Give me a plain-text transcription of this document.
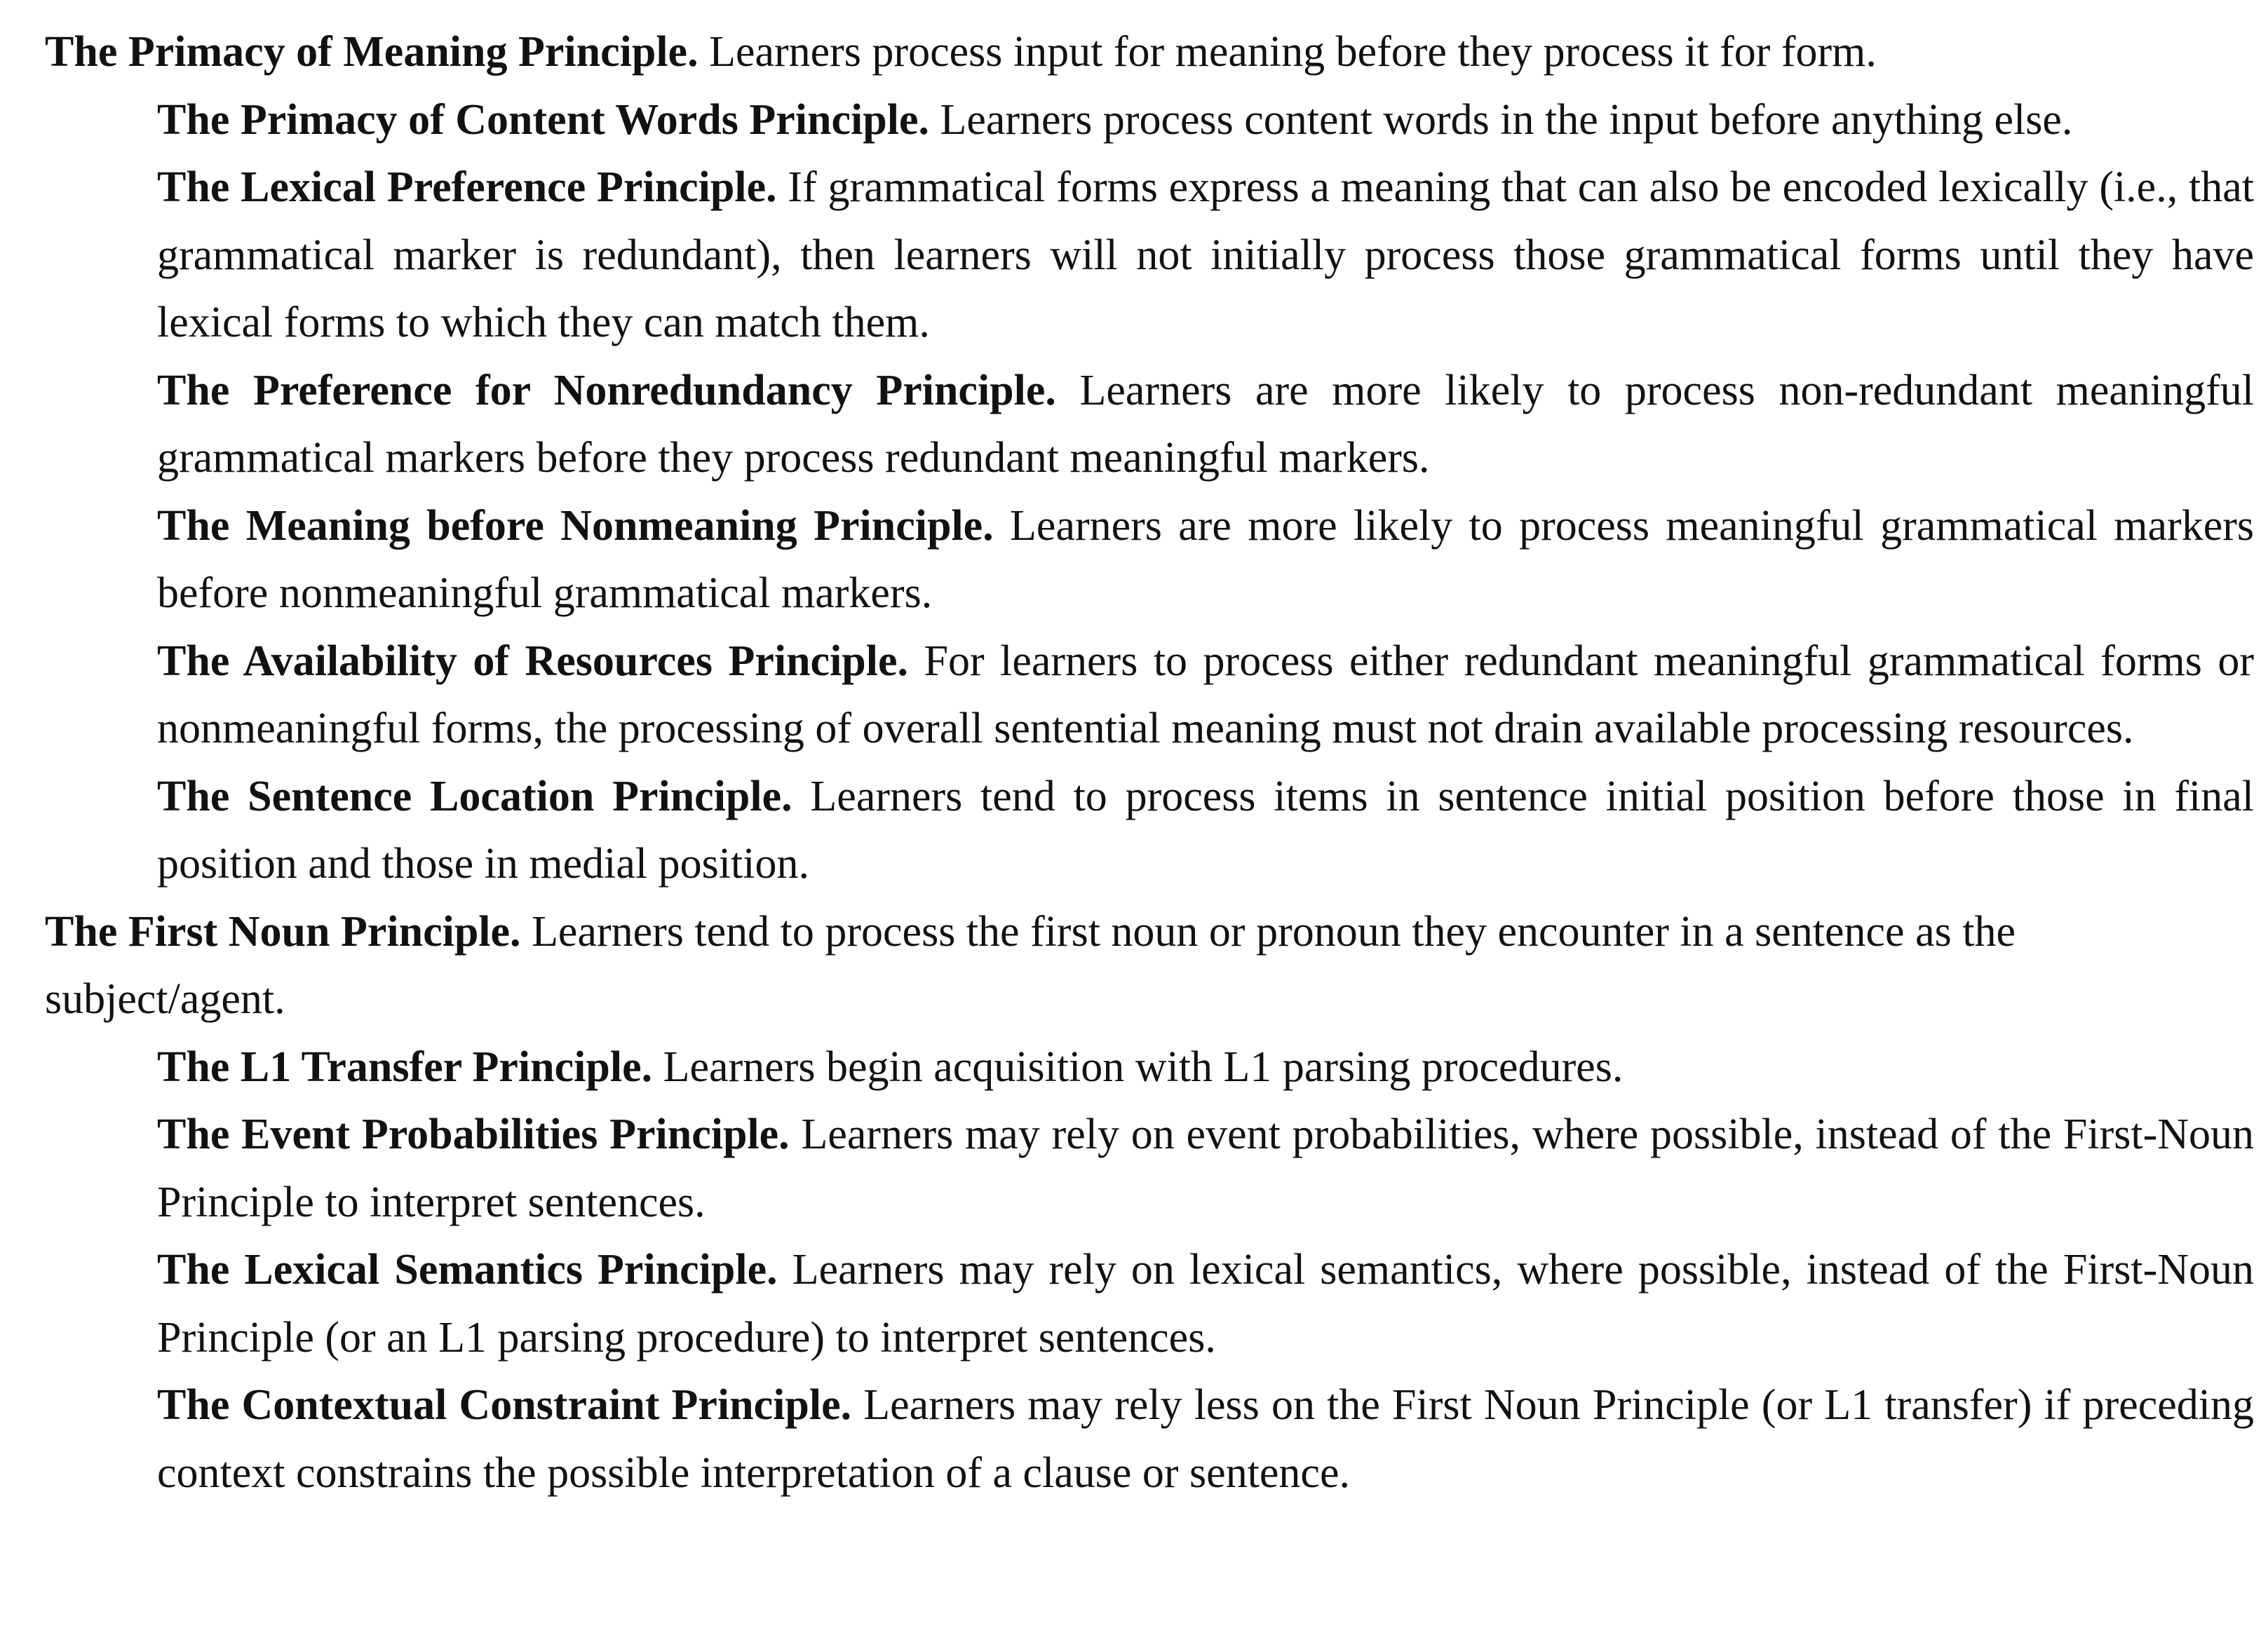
The Primacy of Meaning Principle. Learners process input for meaning before they process it for form.

The Primacy of Content Words Principle. Learners process content words in the input before anything else.

The Lexical Preference Principle. If grammatical forms express a meaning that can also be encoded lexically (i.e., that grammatical marker is redundant), then learners will not initially process those grammatical forms until they have lexical forms to which they can match them.

The Preference for Nonredundancy Principle. Learners are more likely to process non-redundant meaningful grammatical markers before they process redundant meaningful markers.

The Meaning before Nonmeaning Principle. Learners are more likely to process meaningful grammatical markers before nonmeaningful grammatical markers.

The Availability of Resources Principle. For learners to process either redundant meaningful grammatical forms or nonmeaningful forms, the processing of overall sentential meaning must not drain available processing resources.

The Sentence Location Principle. Learners tend to process items in sentence initial position before those in final position and those in medial position.

The First Noun Principle. Learners tend to process the first noun or pronoun they encounter in a sentence as the subject/agent.

The L1 Transfer Principle. Learners begin acquisition with L1 parsing procedures.

The Event Probabilities Principle. Learners may rely on event probabilities, where possible, instead of the First-Noun Principle to interpret sentences.

The Lexical Semantics Principle. Learners may rely on lexical semantics, where possible, instead of the First-Noun Principle (or an L1 parsing procedure) to interpret sentences.

The Contextual Constraint Principle. Learners may rely less on the First Noun Principle (or L1 transfer) if preceding context constrains the possible interpretation of a clause or sentence.
